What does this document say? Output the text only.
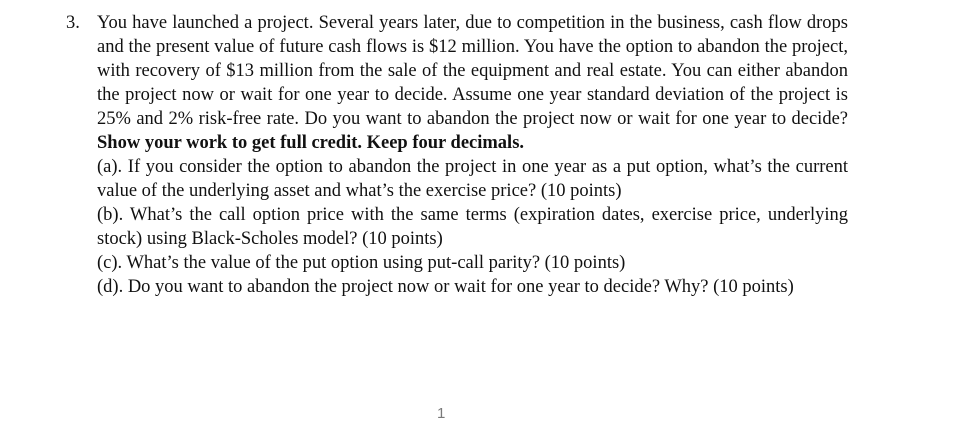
3. You have launched a project. Several years later, due to competition in the business, cash flow drops and the present value of future cash flows is $12 million. You have the option to abandon the project, with recovery of $13 million from the sale of the equipment and real estate. You can either abandon the project now or wait for one year to decide. Assume one year standard deviation of the project is 25% and 2% risk-free rate. Do you want to abandon the project now or wait for one year to decide? Show your work to get full credit. Keep four decimals.
(a). If you consider the option to abandon the project in one year as a put option, what’s the current value of the underlying asset and what’s the exercise price? (10 points)
(b). What’s the call option price with the same terms (expiration dates, exercise price, underlying stock) using Black-Scholes model? (10 points)
(c). What’s the value of the put option using put-call parity? (10 points)
(d). Do you want to abandon the project now or wait for one year to decide? Why? (10 points)
1
